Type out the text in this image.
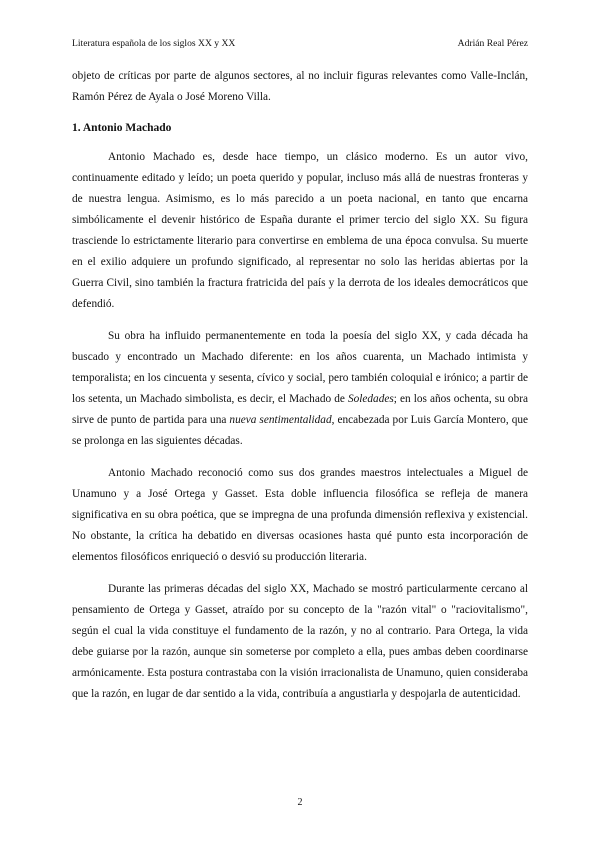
Literatura española de los siglos XX y XX	Adrián Real Pérez

objeto de críticas por parte de algunos sectores, al no incluir figuras relevantes como Valle-Inclán, Ramón Pérez de Ayala o José Moreno Villa.

1. Antonio Machado

Antonio Machado es, desde hace tiempo, un clásico moderno. Es un autor vivo, continuamente editado y leído; un poeta querido y popular, incluso más allá de nuestras fronteras y de nuestra lengua. Asimismo, es lo más parecido a un poeta nacional, en tanto que encarna simbólicamente el devenir histórico de España durante el primer tercio del siglo XX. Su figura trasciende lo estrictamente literario para convertirse en emblema de una época convulsa. Su muerte en el exilio adquiere un profundo significado, al representar no solo las heridas abiertas por la Guerra Civil, sino también la fractura fratricida del país y la derrota de los ideales democráticos que defendió.

Su obra ha influido permanentemente en toda la poesía del siglo XX, y cada década ha buscado y encontrado un Machado diferente: en los años cuarenta, un Machado intimista y temporalista; en los cincuenta y sesenta, cívico y social, pero también coloquial e irónico; a partir de los setenta, un Machado simbolista, es decir, el Machado de Soledades; en los años ochenta, su obra sirve de punto de partida para una nueva sentimentalidad, encabezada por Luis García Montero, que se prolonga en las siguientes décadas.

Antonio Machado reconoció como sus dos grandes maestros intelectuales a Miguel de Unamuno y a José Ortega y Gasset. Esta doble influencia filosófica se refleja de manera significativa en su obra poética, que se impregna de una profunda dimensión reflexiva y existencial. No obstante, la crítica ha debatido en diversas ocasiones hasta qué punto esta incorporación de elementos filosóficos enriqueció o desvió su producción literaria.

Durante las primeras décadas del siglo XX, Machado se mostró particularmente cercano al pensamiento de Ortega y Gasset, atraído por su concepto de la "razón vital" o "raciovitalismo", según el cual la vida constituye el fundamento de la razón, y no al contrario. Para Ortega, la vida debe guiarse por la razón, aunque sin someterse por completo a ella, pues ambas deben coordinarse armónicamente. Esta postura contrastaba con la visión irracionalista de Unamuno, quien consideraba que la razón, en lugar de dar sentido a la vida, contribuía a angustiarla y despojarla de autenticidad.

2
